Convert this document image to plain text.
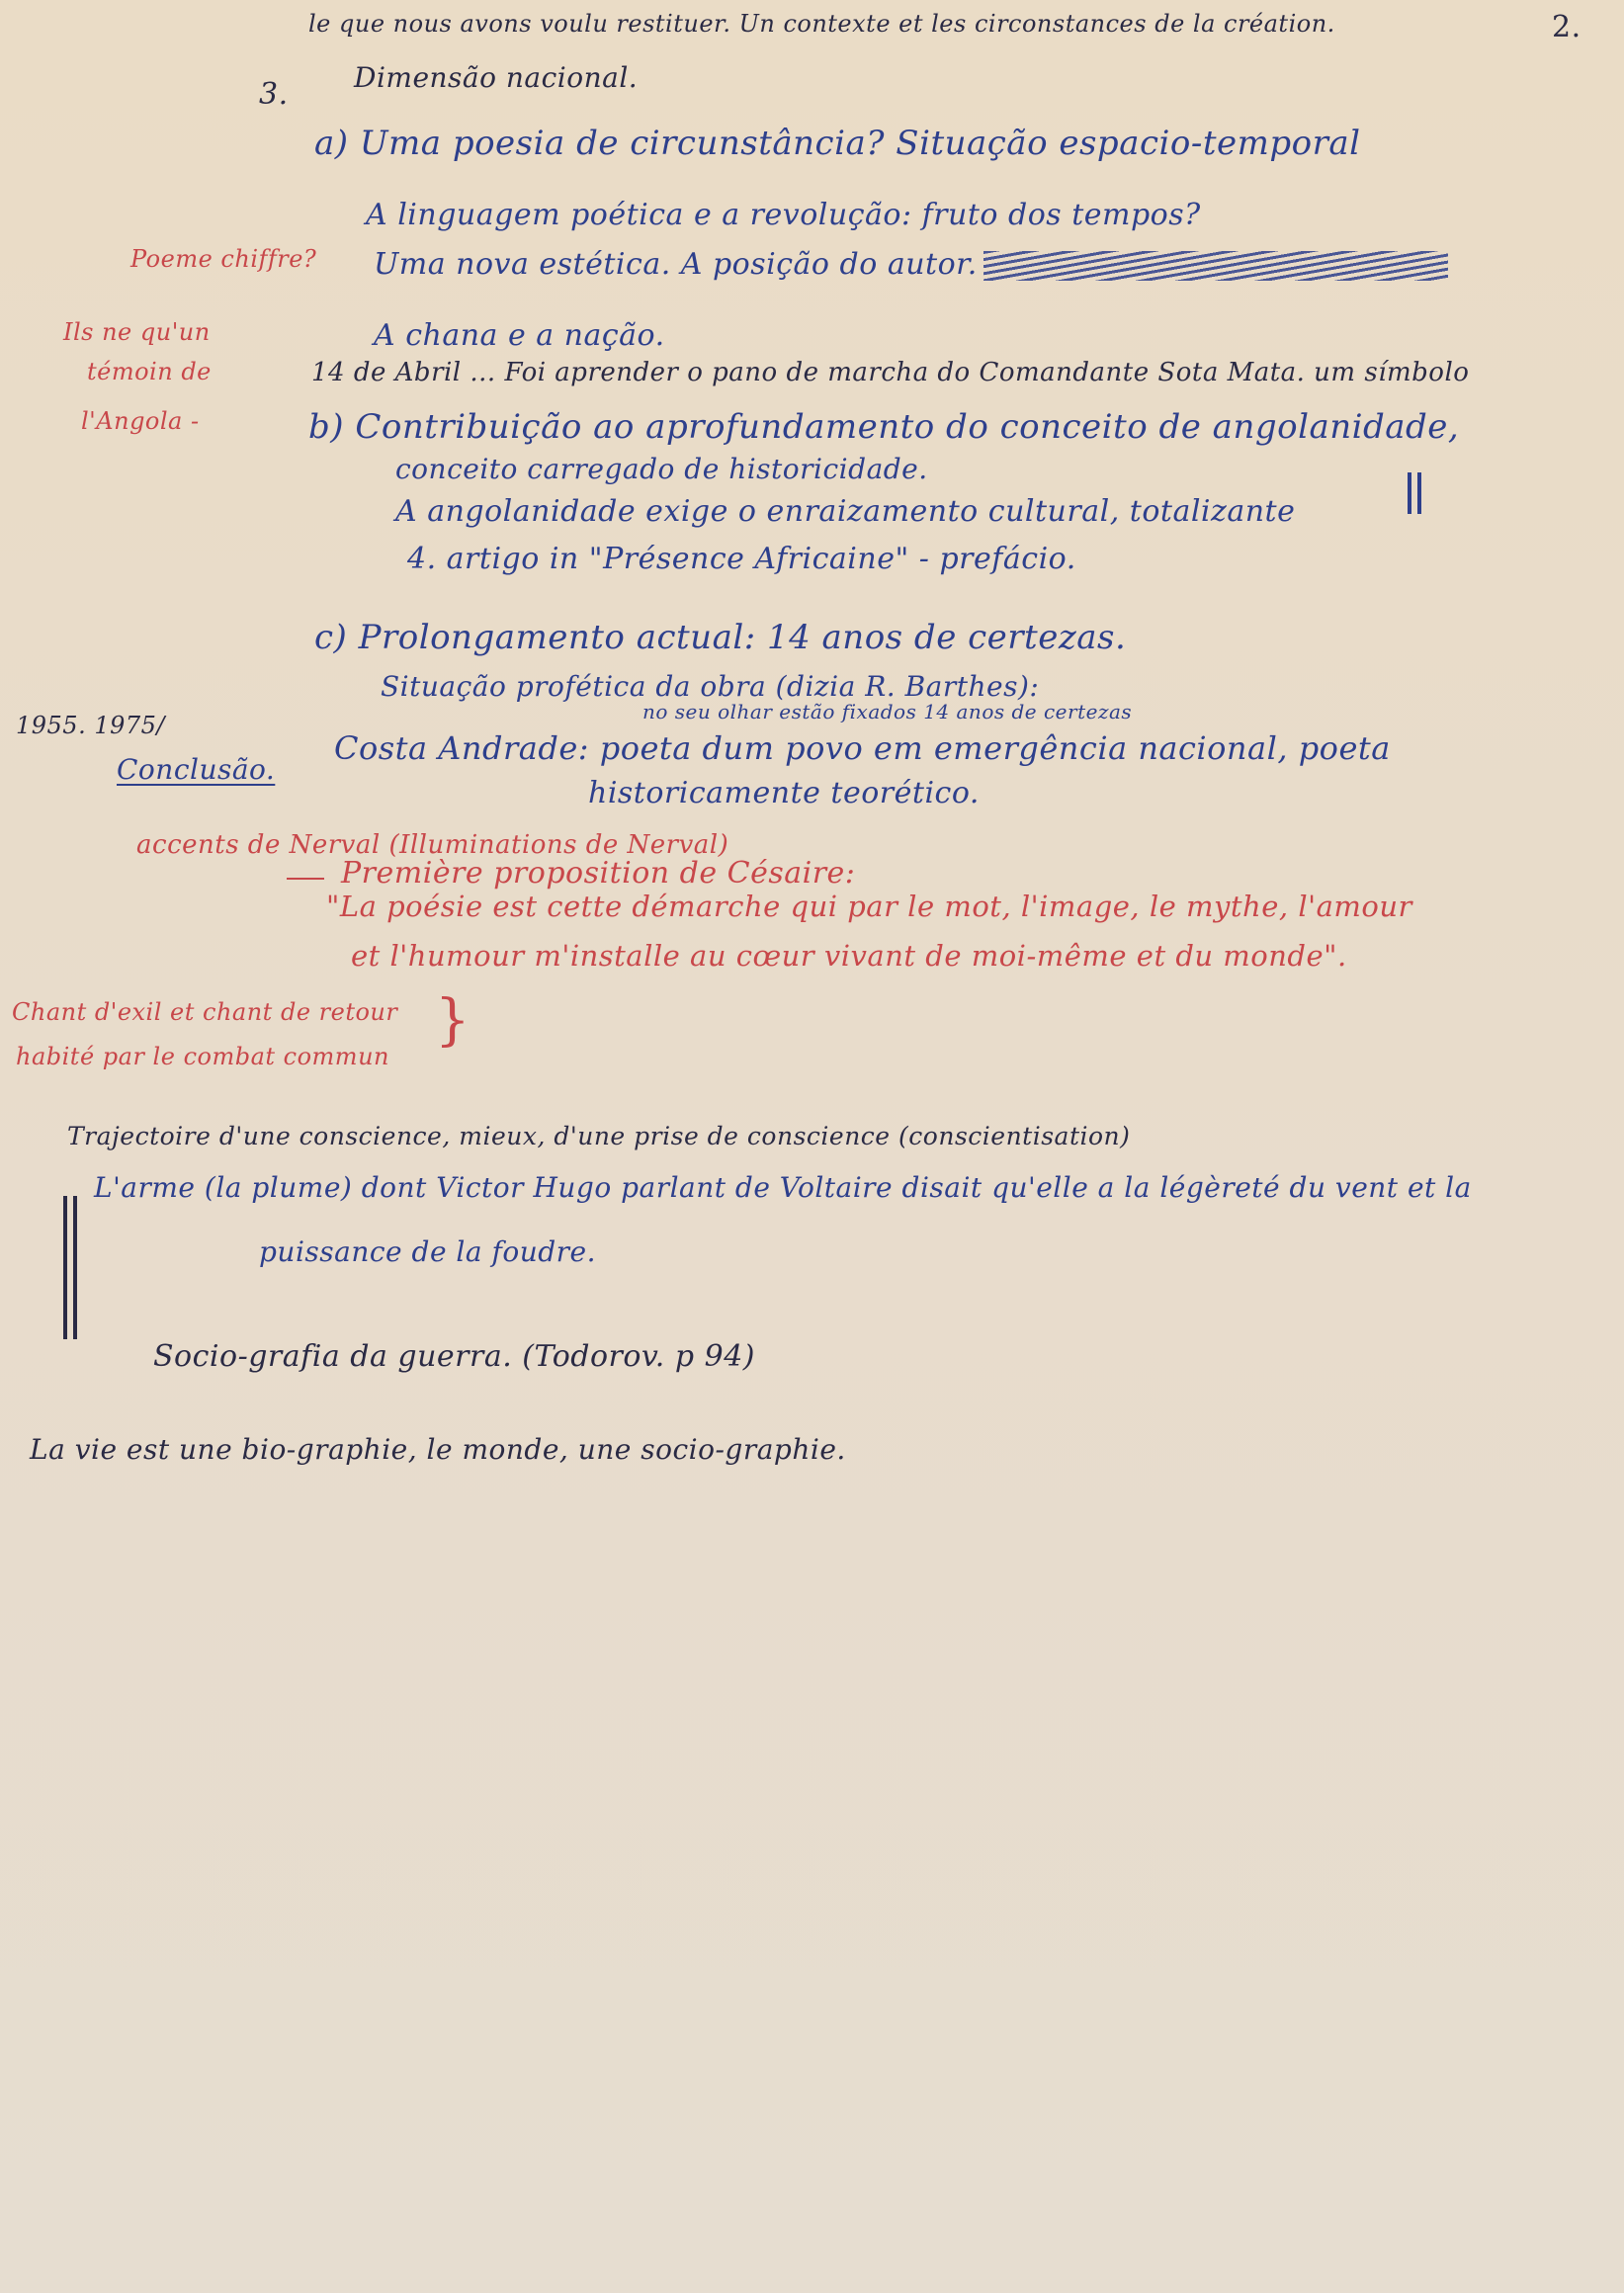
le que nous avons voulu restituer. Un contexte et les circonstances de la création.	2.
3. Dimensão nacional.
a) Uma poesia de circunstância? Situação espacio-temporal
A linguagem poética e a revolução: fruto dos tempos?
Uma nova estética. A posição do autor.
A chana e a nação.
14 de Abril ... Foi aprender o pano de marcha do Comandante Sota Mata. um símbolo
b) Contribuição ao aprofundamento do conceito de angolanidade,
conceito carregado de historicidade.
A angolanidade exige o enraizamento cultural, totalizante
4. artigo in "Présence Africaine" - prefácio.
c) Prolongamento actual: 14 anos de certezas.
Situação profética da obra (dizia R. Barthes):
no seu olhar estão fixados 14 anos de certezas
Costa Andrade: poeta dum povo em emergência nacional, poeta
historicamente teorético.
Poeme chiffre?
Ils ne qu'un
témoin de
l'Angola -
1955. 1975/
Conclusão.
accents de Nerval (Illuminations de Nerval)
Première proposition de Césaire:
"La poésie est cette démarche qui par le mot, l'image, le mythe, l'amour
et l'humour m'installe au cœur vivant de moi-même et du monde".
Chant d'exil et chant de retour
habité par le combat commun
}
Trajectoire d'une conscience, mieux, d'une prise de conscience (conscientisation)
L'arme (la plume) dont Victor Hugo parlant de Voltaire disait qu'elle a la légèreté du vent et la
puissance de la foudre.
Socio-grafia da guerra. (Todorov. p 94)
La vie est une bio-graphie, le monde, une socio-graphie.
